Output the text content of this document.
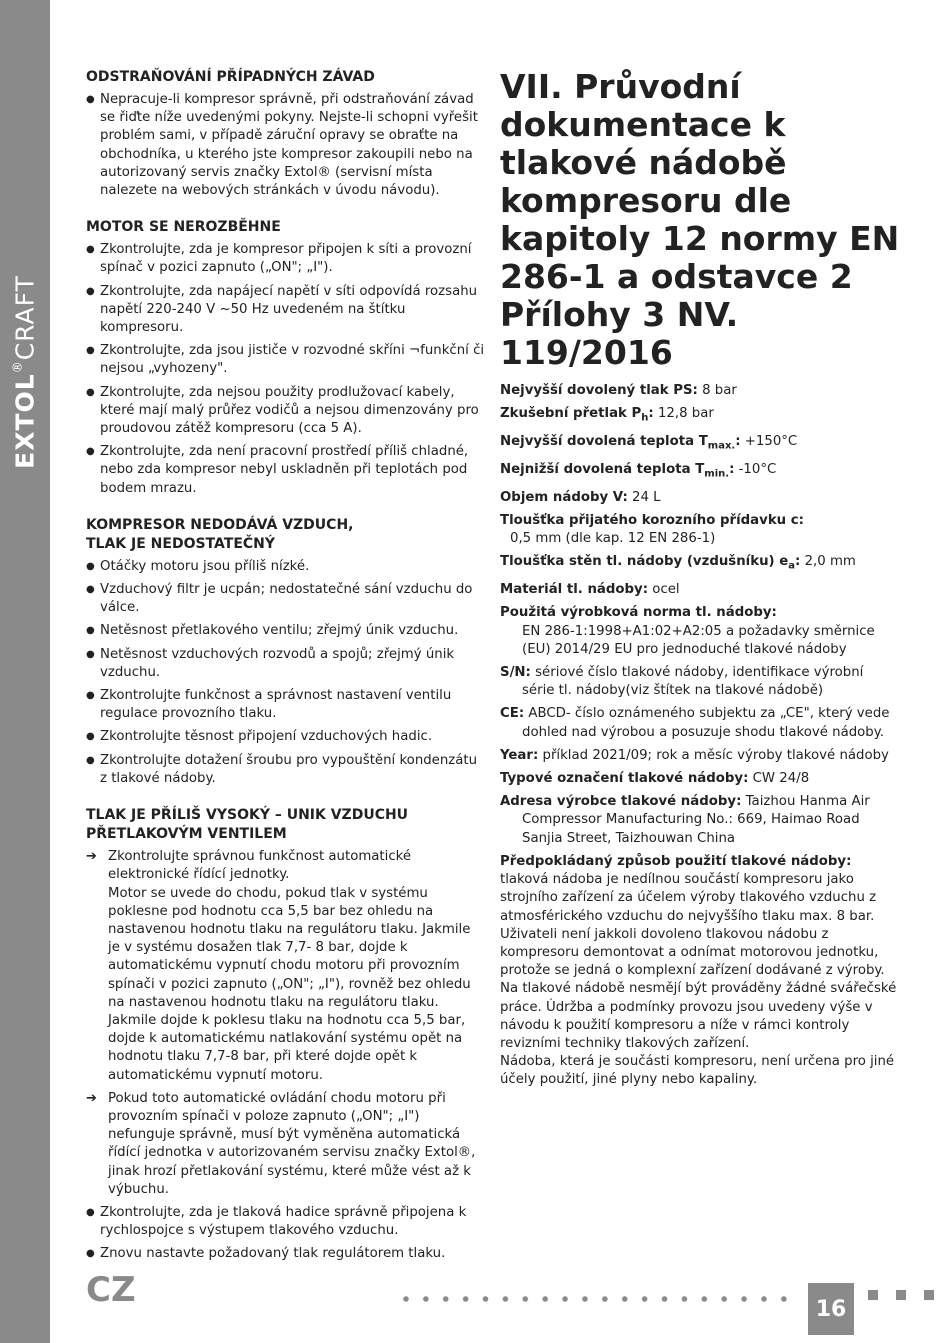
EXTOL®CRAFT
ODSTRAŇOVÁNÍ PŘÍPADNÝCH ZÁVAD
● Nepracuje-li kompresor správně, při odstraňování závad se řiďte níže uvedenými pokyny. Nejste-li schopni vyřešit problém sami, v případě záruční opravy se obraťte na obchodníka, u kterého jste kompresor zakoupili nebo na autorizovaný servis značky Extol® (servisní místa nalezete na webových stránkách v úvodu návodu).
MOTOR SE NEROZBĚHNE
● Zkontrolujte, zda je kompresor připojen k síti a provozní spínač v pozici zapnuto („ON"; „I").
● Zkontrolujte, zda napájecí napětí v síti odpovídá rozsahu napětí 220-240 V ~50 Hz uvedeném na štítku kompresoru.
● Zkontrolujte, zda jsou jističe v rozvodné skříni ¬funkční či nejsou „vyhozeny".
● Zkontrolujte, zda nejsou použity prodlužovací kabely, které mají malý průřez vodičů a nejsou dimenzovány pro proudovou zátěž kompresoru (cca 5 A).
● Zkontrolujte, zda není pracovní prostředí příliš chladné, nebo zda kompresor nebyl uskladněn při teplotách pod bodem mrazu.
KOMPRESOR NEDODÁVÁ VZDUCH,
TLAK JE NEDOSTATEČNÝ
● Otáčky motoru jsou příliš nízké.
● Vzduchový filtr je ucpán; nedostatečné sání vzduchu do válce.
● Netěsnost přetlakového ventilu; zřejmý únik vzduchu.
● Netěsnost vzduchových rozvodů a spojů; zřejmý únik vzduchu.
● Zkontrolujte funkčnost a správnost nastavení ventilu regulace provozního tlaku.
● Zkontrolujte těsnost připojení vzduchových hadic.
● Zkontrolujte dotažení šroubu pro vypouštění kondenzátu z tlakové nádoby.
TLAK JE PŘÍLIŠ VYSOKÝ – UNIK VZDUCHU
PŘETLAKOVÝM VENTILEM
➔ Zkontrolujte správnou funkčnost automatické elektronické řídící jednotky.
Motor se uvede do chodu, pokud tlak v systému poklesne pod hodnotu cca 5,5 bar bez ohledu na nastavenou hodnotu tlaku na regulátoru tlaku. Jakmile je v systému dosažen tlak 7,7- 8 bar, dojde k automatickému vypnutí chodu motoru při provozním spínači v pozici zapnuto („ON"; „I"), rovněž bez ohledu na nastavenou hodnotu tlaku na regulátoru tlaku. Jakmile dojde k poklesu tlaku na hodnotu cca 5,5 bar, dojde k automatickému natlakování systému opět na hodnotu tlaku 7,7-8 bar, při které dojde opět k automatickému vypnutí motoru.
➔ Pokud toto automatické ovládání chodu motoru při provozním spínači v poloze zapnuto („ON"; „I") nefunguje správně, musí být vyměněna automatická řídící jednotka v autorizovaném servisu značky Extol®, jinak hrozí přetlakování systému, které může vést až k výbuchu.
● Zkontrolujte, zda je tlaková hadice správně připojena k rychlospojce s výstupem tlakového vzduchu.
● Znovu nastavte požadovaný tlak regulátorem tlaku.
VII. Průvodní dokumentace k tlakové nádobě kompresoru dle kapitoly 12 normy EN 286-1 a odstavce 2 Přílohy 3 NV. 119/2016

Nejvyšší dovolený tlak PS: 8 bar

Zkušební přetlak $P_h$: 12,8 bar

Nejvyšší dovolená teplota $T_{max.}$: +150°C

Nejnižší dovolená teplota $T_{min.}$: -10°C

Objem nádoby V: 24 L

Tloušťka přijatého korozního přídavku c:
0,5 mm (dle kap. 12 EN 286-1)

Tloušťka stěn tl. nádoby (vzdušníku) $e_a$: 2,0 mm

Materiál tl. nádoby: ocel

Použitá výrobková norma tl. nádoby:

EN 286-1:1998+A1:02+A2:05 a požadavky směrnice (EU) 2014/29 EU pro jednoduché tlakové nádoby

S/N: sériové číslo tlakové nádoby, identifikace výrobní série tl. nádoby(viz štítek na tlakové nádobě)

CE: ABCD- číslo oznámeného subjektu za „CE", který vede dohled nad výrobou a posuzuje shodu tlakové nádoby.

Year: příklad 2021/09; rok a měsíc výroby tlakové nádoby

Typové označení tlakové nádoby: CW 24/8

Adresa výrobce tlakové nádoby: Taizhou Hanma Air Compressor Manufacturing No.: 669, Haimao Road Sanjia Street, Taizhouwan China

Předpokládaný způsob použití tlakové nádoby: tlaková nádoba je nedílnou součástí kompresoru jako strojního zařízení za účelem výroby tlakového vzduchu z atmosférického vzduchu do nejvyššího tlaku max. 8 bar. Uživateli není jakkoli dovoleno tlakovou nádobu z kompresoru demontovat a odnímat motorovou jednotku, protože se jedná o komplexní zařízení dodávané z výroby. Na tlakové nádobě nesmějí být prováděny žádné svářečské práce. Údržba a podmínky provozu jsou uvedeny výše v návodu k použití kompresoru a níže v rámci kontroly revizními techniky tlakových zařízení.

Nádoba, která je součásti kompresoru, není určena pro jiné účely použití, jiné plyny nebo kapaliny.

CZ	16
